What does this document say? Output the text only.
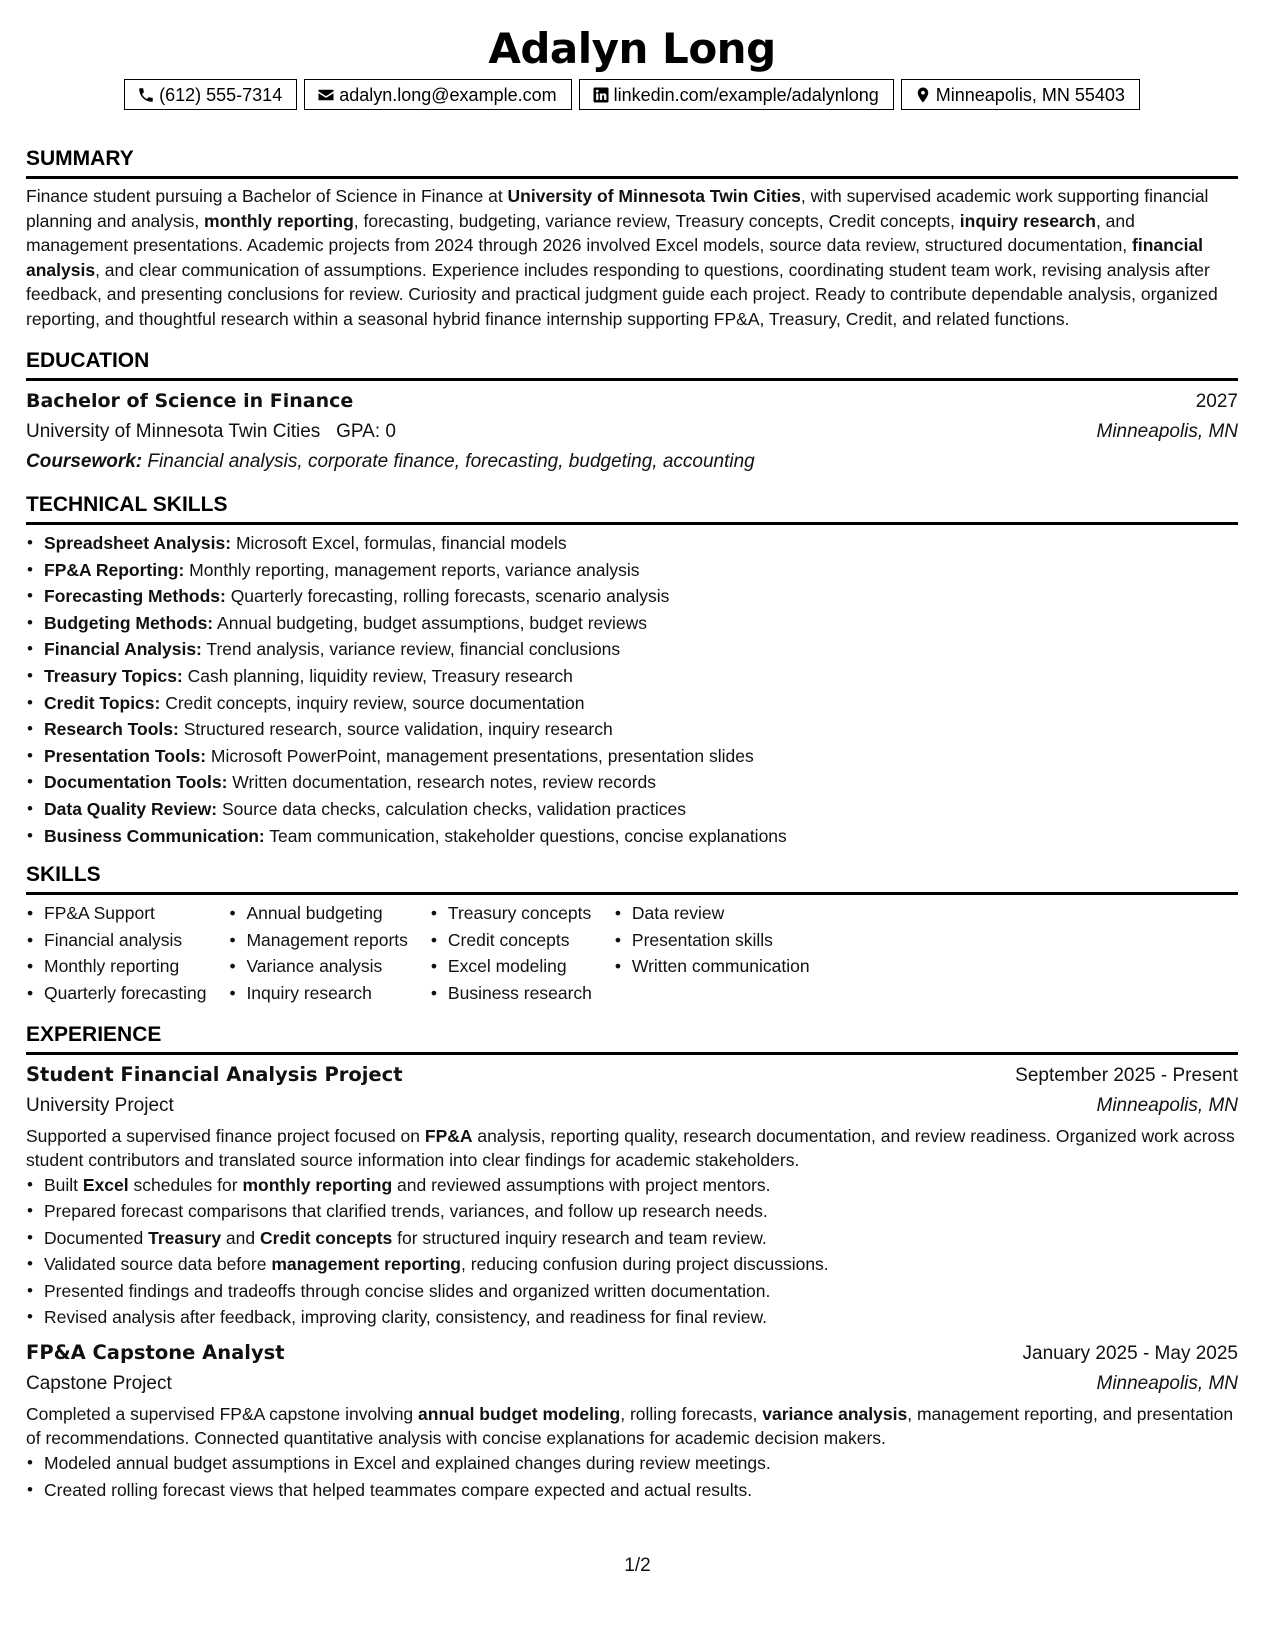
Adalyn Long
(612) 555-7314	adalyn.long@example.com	linkedin.com/example/adalynlong	Minneapolis, MN 55403
SUMMARY

Finance student pursuing a Bachelor of Science in Finance at University of Minnesota Twin Cities, with supervised academic work supporting financial planning and analysis, monthly reporting, forecasting, budgeting, variance review, Treasury concepts, Credit concepts, inquiry research, and management presentations. Academic projects from 2024 through 2026 involved Excel models, source data review, structured documentation, financial analysis, and clear communication of assumptions. Experience includes responding to questions, coordinating student team work, revising analysis after feedback, and presenting conclusions for review. Curiosity and practical judgment guide each project. Ready to contribute dependable analysis, organized reporting, and thoughtful research within a seasonal hybrid finance internship supporting FP&A, Treasury, Credit, and related functions.

EDUCATION
Bachelor of Science in Finance	2027
University of Minnesota Twin Cities GPA: 0	Minneapolis, MN
Coursework: Financial analysis, corporate finance, forecasting, budgeting, accounting
TECHNICAL SKILLS
• Spreadsheet Analysis: Microsoft Excel, formulas, financial models
• FP&A Reporting: Monthly reporting, management reports, variance analysis
• Forecasting Methods: Quarterly forecasting, rolling forecasts, scenario analysis
• Budgeting Methods: Annual budgeting, budget assumptions, budget reviews
• Financial Analysis: Trend analysis, variance review, financial conclusions
• Treasury Topics: Cash planning, liquidity review, Treasury research
• Credit Topics: Credit concepts, inquiry review, source documentation
• Research Tools: Structured research, source validation, inquiry research
• Presentation Tools: Microsoft PowerPoint, management presentations, presentation slides
• Documentation Tools: Written documentation, research notes, review records
• Data Quality Review: Source data checks, calculation checks, validation practices
• Business Communication: Team communication, stakeholder questions, concise explanations
SKILLS
• FP&A Support
• Financial analysis
• Monthly reporting
• Quarterly forecasting
• Annual budgeting
• Management reports
• Variance analysis
• Inquiry research
• Treasury concepts
• Credit concepts
• Excel modeling
• Business research
• Data review
• Presentation skills
• Written communication
EXPERIENCE
Student Financial Analysis Project	September 2025 - Present
University Project	Minneapolis, MN

Supported a supervised finance project focused on FP&A analysis, reporting quality, research documentation, and review readiness. Organized work across student contributors and translated source information into clear findings for academic stakeholders.

• Built Excel schedules for monthly reporting and reviewed assumptions with project mentors.
• Prepared forecast comparisons that clarified trends, variances, and follow up research needs.
• Documented Treasury and Credit concepts for structured inquiry research and team review.
• Validated source data before management reporting, reducing confusion during project discussions.
• Presented findings and tradeoffs through concise slides and organized written documentation.
• Revised analysis after feedback, improving clarity, consistency, and readiness for final review.
FP&A Capstone Analyst	January 2025 - May 2025
Capstone Project	Minneapolis, MN

Completed a supervised FP&A capstone involving annual budget modeling, rolling forecasts, variance analysis, management reporting, and presentation of recommendations. Connected quantitative analysis with concise explanations for academic decision makers.

• Modeled annual budget assumptions in Excel and explained changes during review meetings.
• Created rolling forecast views that helped teammates compare expected and actual results.
1/2
